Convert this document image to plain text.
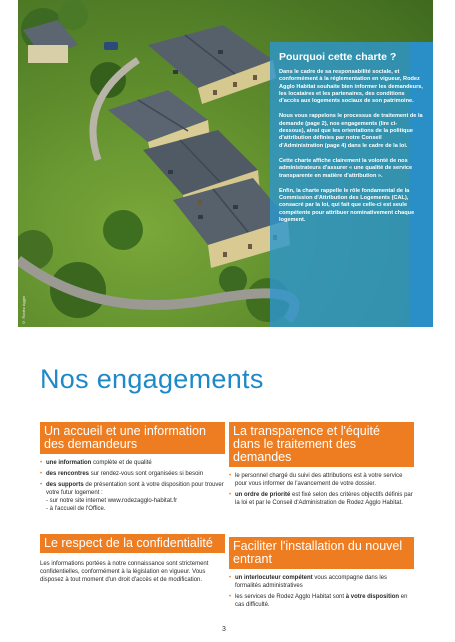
© Rodez Agglo
Pourquoi cette charte ?

Dans le cadre de sa responsabilité sociale, et conformément à la réglementation en vigueur, Rodez Agglo Habitat souhaite bien informer les demandeurs, les locataires et les partenaires, des conditions d'accès aux logements sociaux de son patrimoine.

Nous vous rappelons le processus de traitement de la demande (page 2), nos engagements (lire ci-dessous), ainsi que les orientations de la politique d'attribution définies par notre Conseil d'Administration (page 4) dans le cadre de la loi.

Cette charte affiche clairement la volonté de nos administrateurs d'assurer « une qualité de service transparente en matière d'attribution ».

Enfin, la charte rappelle le rôle fondamental de la Commission d'Attribution des Logements (CAL), consacré par la loi, qui fait que celle-ci est seule compétente pour attribuer nominativement chaque logement.

Nos engagements
Un accueil et une information des demandeurs
• une information complète et de qualité
• des rencontres sur rendez-vous sont organisées si besoin
• des supports de présentation sont à votre disposition pour trouver votre futur logement :
- sur notre site internet www.rodezagglo-habitat.fr
- à l'accueil de l'Office.
La transparence et l'équité dans le traitement des demandes
• le personnel chargé du suivi des attributions est à votre service pour vous informer de l'avancement de votre dossier.
• un ordre de priorité est fixé selon des critères objectifs définis par la loi et par le Conseil d'Administration de Rodez Agglo Habitat.
Le respect de la confidentialité
Les informations portées à notre connaissance sont strictement confidentielles, conformément à la législation en vigueur. Vous disposez à tout moment d'un droit d'accès et de modification.
Faciliter l'installation du nouvel entrant
• un interlocuteur compétent vous accompagne dans les formalités administratives
• les services de Rodez Agglo Habitat sont à votre disposition en cas difficulté.
3
